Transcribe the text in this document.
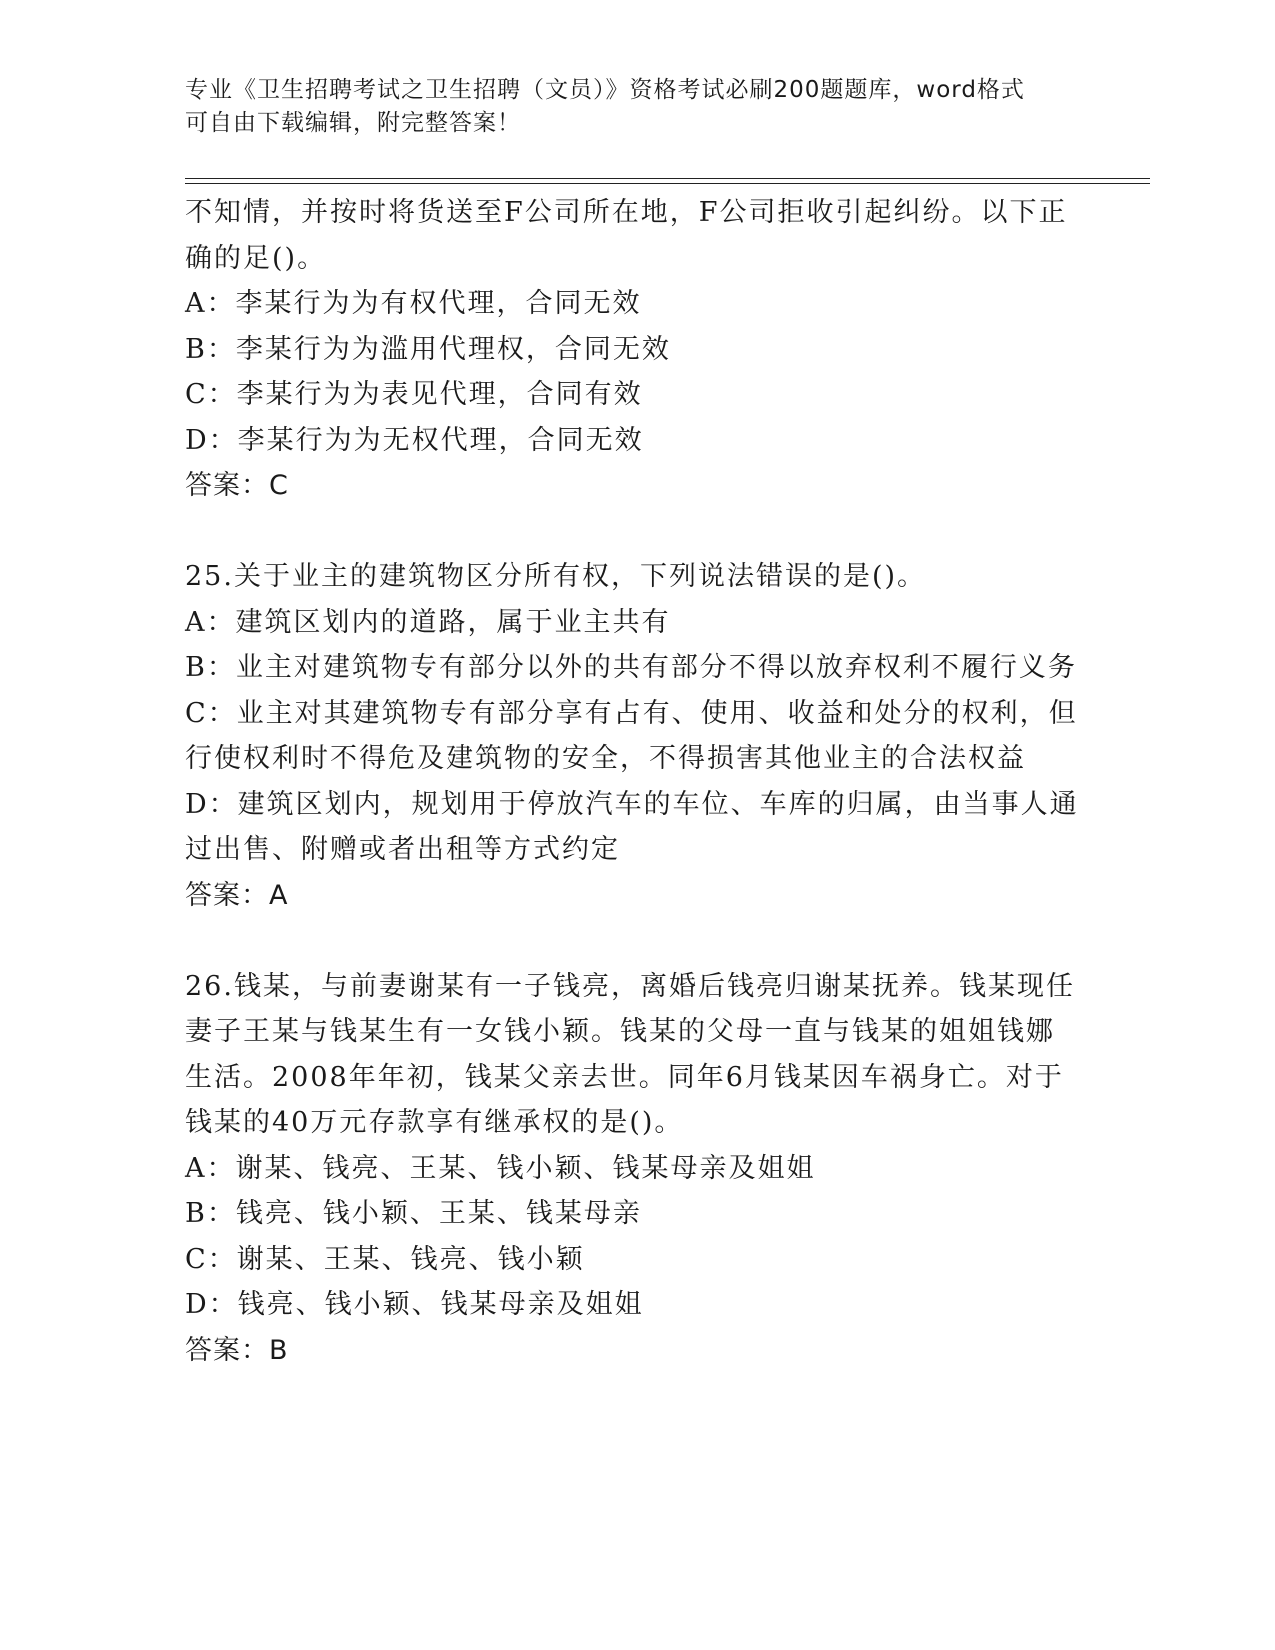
专业《卫生招聘考试之卫生招聘（文员）》资格考试必刷200题题库，word格式
可自由下载编辑，附完整答案！
不知情，并按时将货送至F公司所在地，F公司拒收引起纠纷。以下正
确的足()。
A：李某行为为有权代理，合同无效
B：李某行为为滥用代理权，合同无效
C：李某行为为表见代理，合同有效
D：李某行为为无权代理，合同无效
答案：C
25.关于业主的建筑物区分所有权，下列说法错误的是()。
A：建筑区划内的道路，属于业主共有
B：业主对建筑物专有部分以外的共有部分不得以放弃权利不履行义务
C：业主对其建筑物专有部分享有占有、使用、收益和处分的权利，但
行使权利时不得危及建筑物的安全，不得损害其他业主的合法权益
D：建筑区划内，规划用于停放汽车的车位、车库的归属，由当事人通
过出售、附赠或者出租等方式约定
答案：A
26.钱某，与前妻谢某有一子钱亮，离婚后钱亮归谢某抚养。钱某现任
妻子王某与钱某生有一女钱小颖。钱某的父母一直与钱某的姐姐钱娜
生活。2008年年初，钱某父亲去世。同年6月钱某因车祸身亡。对于
钱某的40万元存款享有继承权的是()。
A：谢某、钱亮、王某、钱小颖、钱某母亲及姐姐
B：钱亮、钱小颖、王某、钱某母亲
C：谢某、王某、钱亮、钱小颖
D：钱亮、钱小颖、钱某母亲及姐姐
答案：B
